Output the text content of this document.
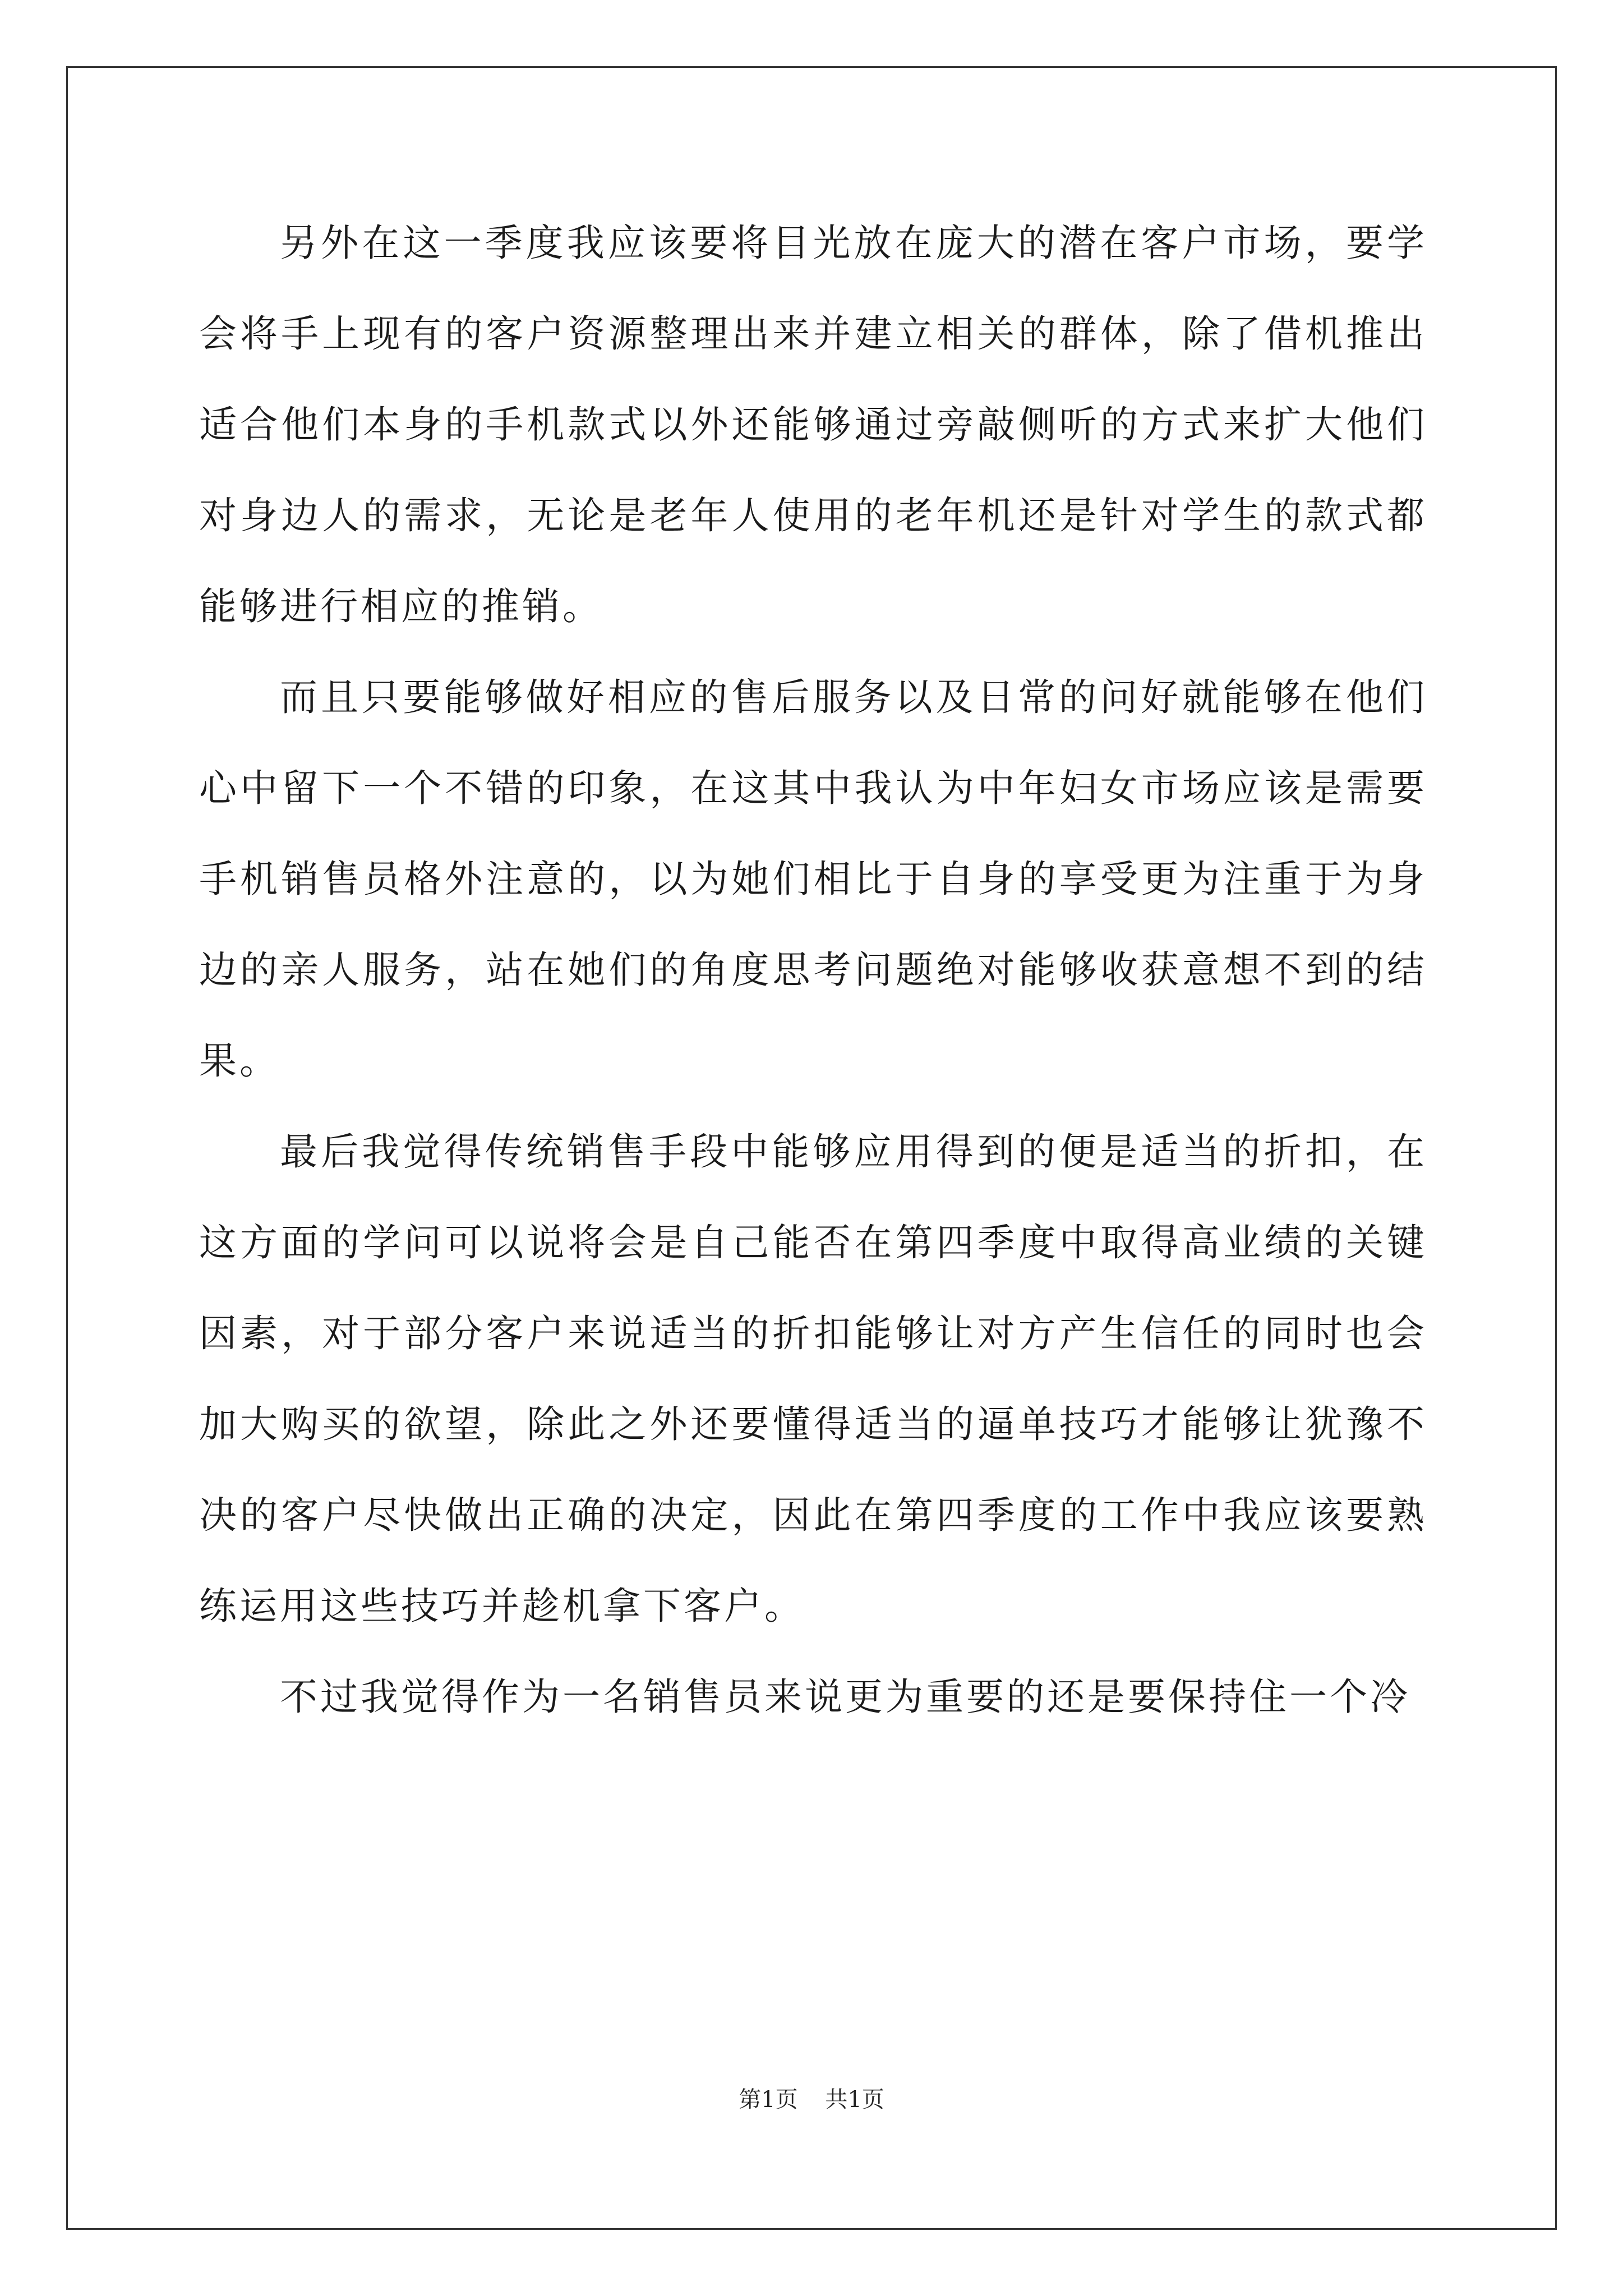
另外在这一季度我应该要将目光放在庞大的潜在客户市场，要学会将手上现有的客户资源整理出来并建立相关的群体，除了借机推出适合他们本身的手机款式以外还能够通过旁敲侧听的方式来扩大他们对身边人的需求，无论是老年人使用的老年机还是针对学生的款式都能够进行相应的推销。

而且只要能够做好相应的售后服务以及日常的问好就能够在他们心中留下一个不错的印象，在这其中我认为中年妇女市场应该是需要手机销售员格外注意的，以为她们相比于自身的享受更为注重于为身边的亲人服务，站在她们的角度思考问题绝对能够收获意想不到的结果。

最后我觉得传统销售手段中能够应用得到的便是适当的折扣，在这方面的学问可以说将会是自己能否在第四季度中取得高业绩的关键因素，对于部分客户来说适当的折扣能够让对方产生信任的同时也会加大购买的欲望，除此之外还要懂得适当的逼单技巧才能够让犹豫不决的客户尽快做出正确的决定，因此在第四季度的工作中我应该要熟练运用这些技巧并趁机拿下客户。

不过我觉得作为一名销售员来说更为重要的还是要保持住一个冷

第1页 共1页
